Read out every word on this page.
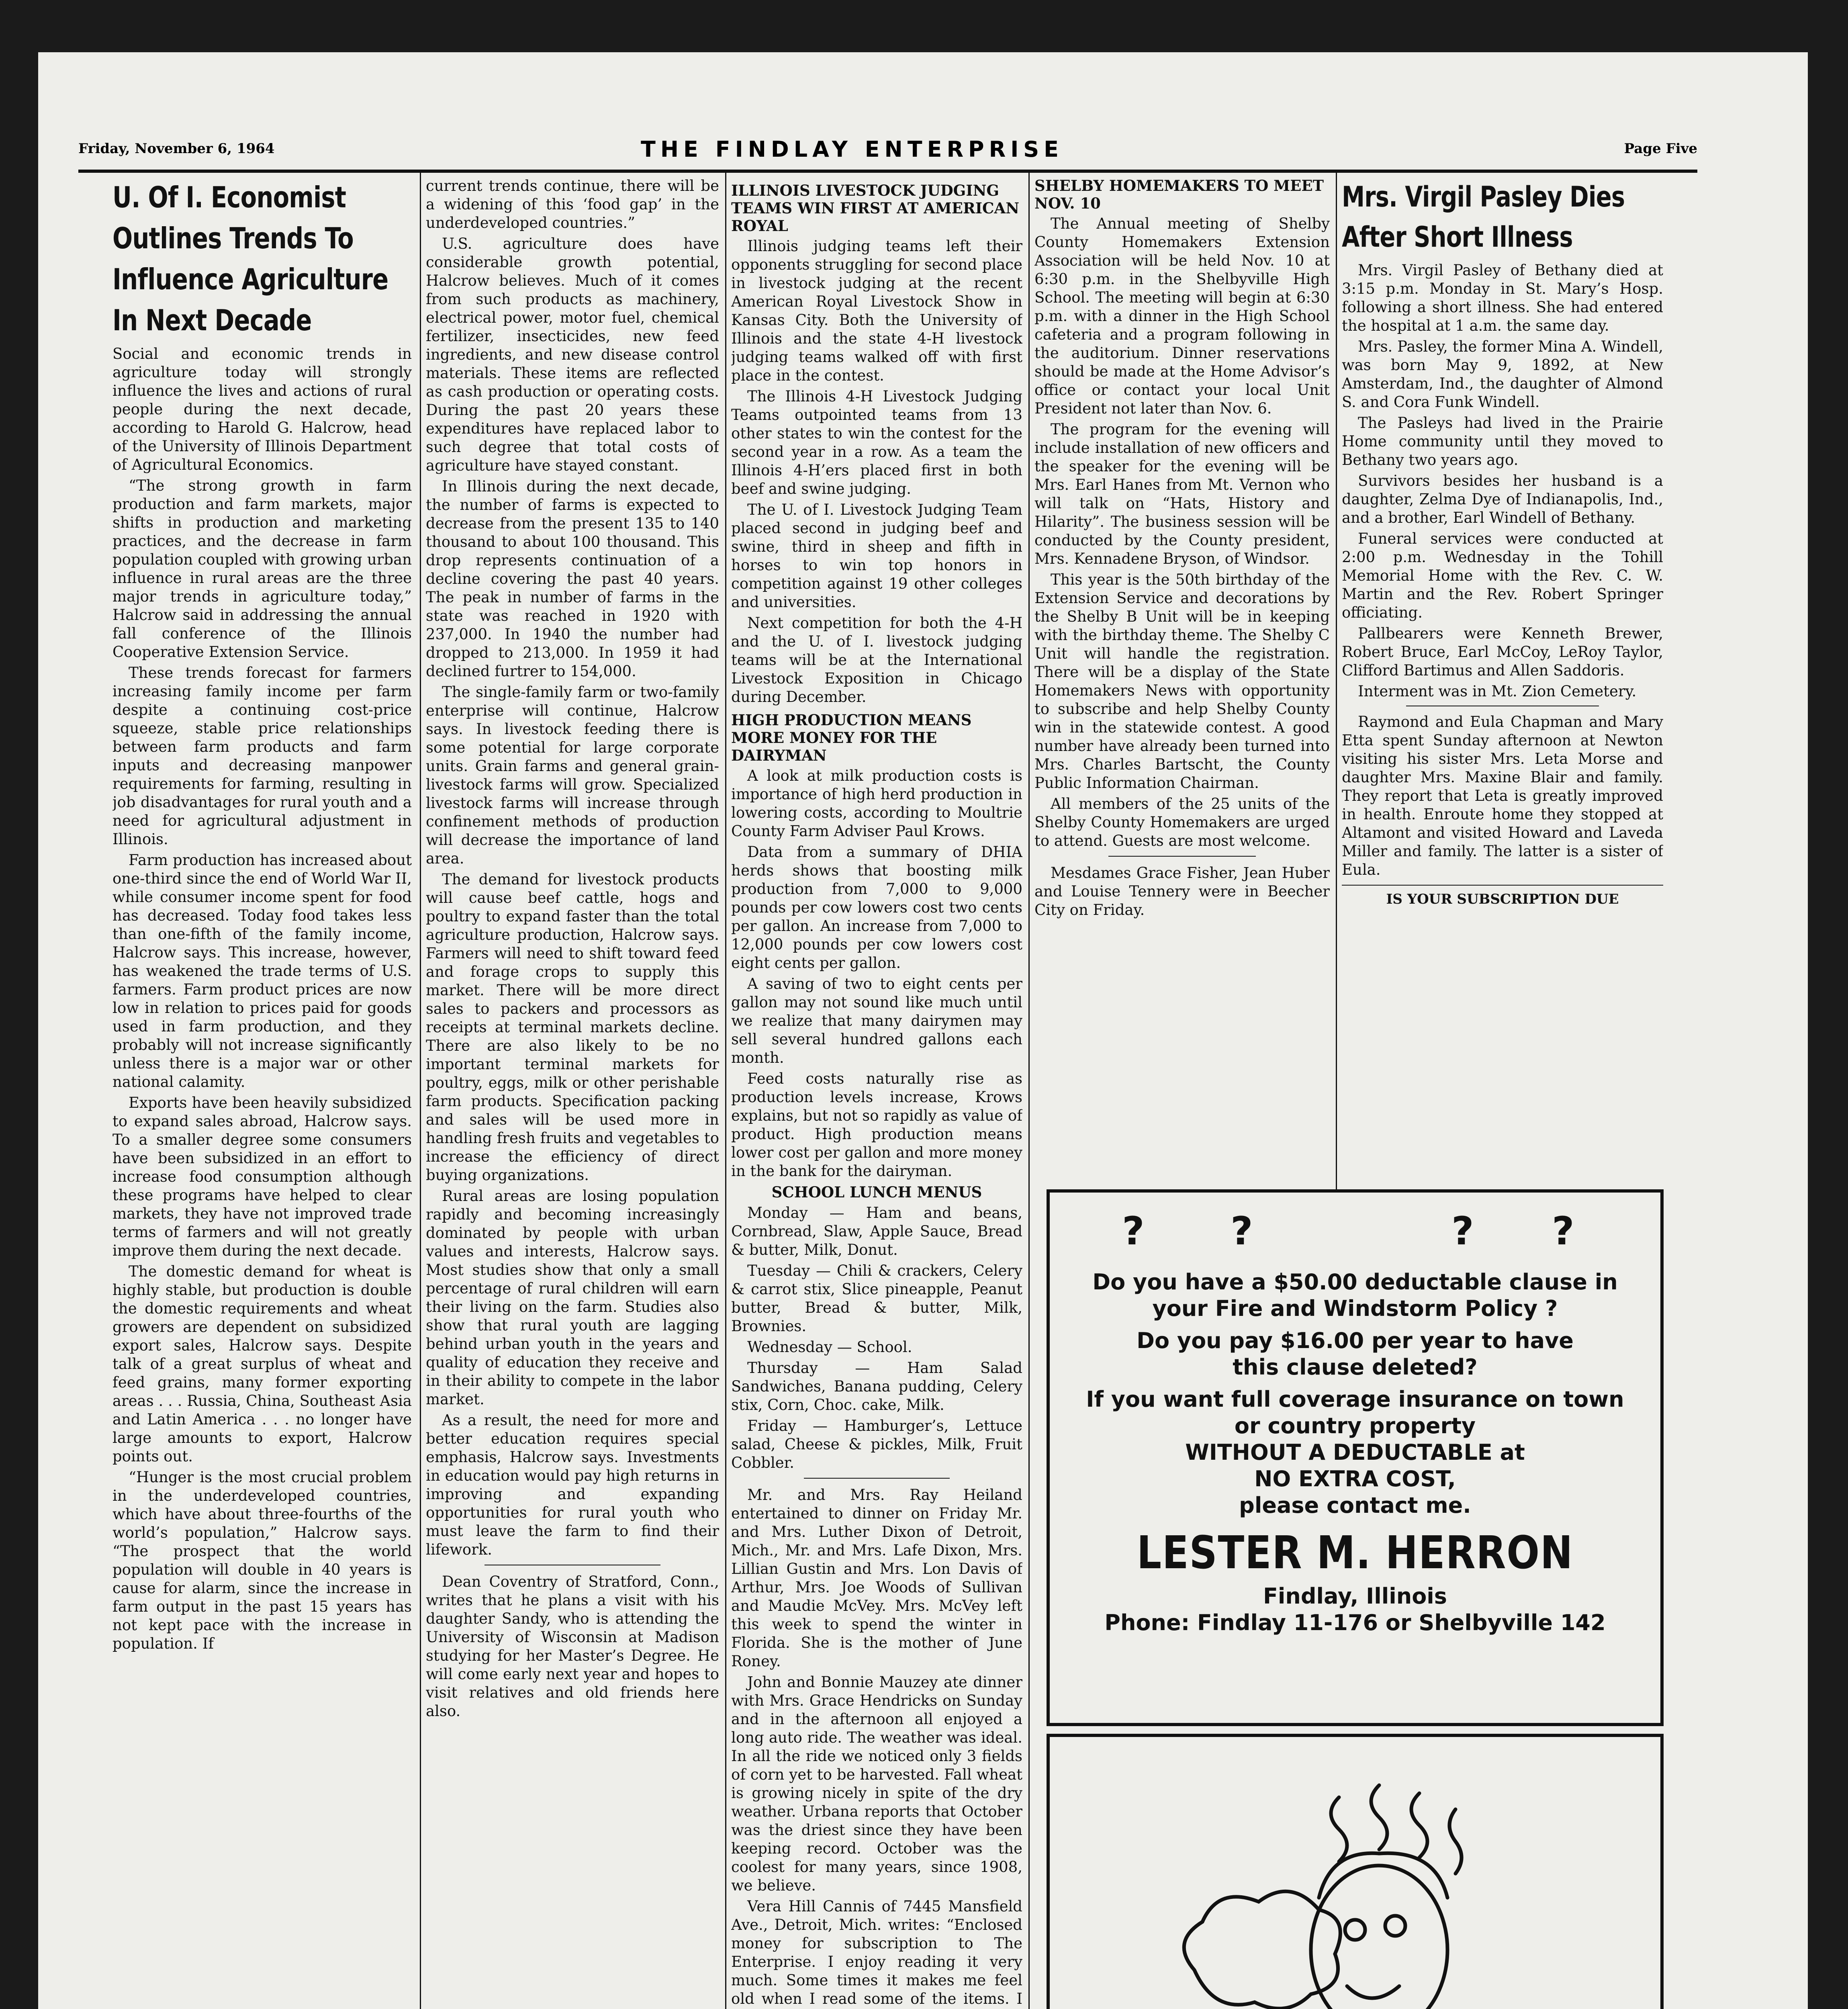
Friday, November 6, 1964	THE FINDLAY ENTERPRISE	Page Five
U. Of I. Economist Outlines Trends To Influence Agriculture In Next Decade

Social and economic trends in agriculture today will strongly influence the lives and actions of rural people during the next decade, according to Harold G. Halcrow, head of the University of Illinois Department of Agricultural Economics.

“The strong growth in farm production and farm markets, major shifts in production and marketing practices, and the decrease in farm population coupled with growing urban influence in rural areas are the three major trends in agriculture today,” Halcrow said in addressing the annual fall conference of the Illinois Cooperative Extension Service.

These trends forecast for farmers increasing family income per farm despite a continuing cost-price squeeze, stable price relationships between farm products and farm inputs and decreasing manpower requirements for farming, resulting in job disadvantages for rural youth and a need for agricultural adjustment in Illinois.

Farm production has increased about one-third since the end of World War II, while consumer income spent for food has decreased. Today food takes less than one-fifth of the family income, Halcrow says. This increase, however, has weakened the trade terms of U.S. farmers. Farm product prices are now low in relation to prices paid for goods used in farm production, and they probably will not increase significantly unless there is a major war or other national calamity.

Exports have been heavily subsidized to expand sales abroad, Halcrow says. To a smaller degree some consumers have been subsidized in an effort to increase food consumption although these programs have helped to clear markets, they have not improved trade terms of farmers and will not greatly improve them during the next decade.

The domestic demand for wheat is highly stable, but production is double the domestic requirements and wheat growers are dependent on subsidized export sales, Halcrow says. Despite talk of a great surplus of wheat and feed grains, many former exporting areas . . . Russia, China, Southeast Asia and Latin America . . . no longer have large amounts to export, Halcrow points out.

“Hunger is the most crucial problem in the underdeveloped countries, which have about three-fourths of the world’s population,” Halcrow says. “The prospect that the world population will double in 40 years is cause for alarm, since the increase in farm output in the past 15 years has not kept pace with the increase in population. If

current trends continue, there will be a widening of this ‘food gap’ in the underdeveloped countries.”

U.S. agriculture does have considerable growth potential, Halcrow believes. Much of it comes from such products as machinery, electrical power, motor fuel, chemical fertilizer, insecticides, new feed ingredients, and new disease control materials. These items are reflected as cash production or operating costs. During the past 20 years these expenditures have replaced labor to such degree that total costs of agriculture have stayed constant.

In Illinois during the next decade, the number of farms is expected to decrease from the present 135 to 140 thousand to about 100 thousand. This drop represents continuation of a decline covering the past 40 years. The peak in number of farms in the state was reached in 1920 with 237,000. In 1940 the number had dropped to 213,000. In 1959 it had declined furtrer to 154,000.

The single-family farm or two-family enterprise will continue, Halcrow says. In livestock feeding there is some potential for large corporate units. Grain farms and general grain-livestock farms will grow. Specialized livestock farms will increase through confinement methods of production will decrease the importance of land area.

The demand for livestock products will cause beef cattle, hogs and poultry to expand faster than the total agriculture production, Halcrow says. Farmers will need to shift toward feed and forage crops to supply this market. There will be more direct sales to packers and processors as receipts at terminal markets decline. There are also likely to be no important terminal markets for poultry, eggs, milk or other perishable farm products. Specification packing and sales will be used more in handling fresh fruits and vegetables to increase the efficiency of direct buying organizations.

Rural areas are losing population rapidly and becoming increasingly dominated by people with urban values and interests, Halcrow says. Most studies show that only a small percentage of rural children will earn their living on the farm. Studies also show that rural youth are lagging behind urban youth in the years and quality of education they receive and in their ability to compete in the labor market.

As a result, the need for more and better education requires special emphasis, Halcrow says. Investments in education would pay high returns in improving and expanding opportunities for rural youth who must leave the farm to find their lifework.

Dean Coventry of Stratford, Conn., writes that he plans a visit with his daughter Sandy, who is attending the University of Wisconsin at Madison studying for her Master’s Degree. He will come early next year and hopes to visit relatives and old friends here also.

ILLINOIS LIVESTOCK JUDGING TEAMS WIN FIRST AT AMERICAN ROYAL

Illinois judging teams left their opponents struggling for second place in livestock judging at the recent American Royal Livestock Show in Kansas City. Both the University of Illinois and the state 4-H livestock judging teams walked off with first place in the contest.

The Illinois 4-H Livestock Judging Teams outpointed teams from 13 other states to win the contest for the second year in a row. As a team the Illinois 4-H’ers placed first in both beef and swine judging.

The U. of I. Livestock Judging Team placed second in judging beef and swine, third in sheep and fifth in horses to win top honors in competition against 19 other colleges and universities.

Next competition for both the 4-H and the U. of I. livestock judging teams will be at the International Livestock Exposition in Chicago during December.

HIGH PRODUCTION MEANS MORE MONEY FOR THE DAIRYMAN

A look at milk production costs is importance of high herd production in lowering costs, according to Moultrie County Farm Adviser Paul Krows.

Data from a summary of DHIA herds shows that boosting milk production from 7,000 to 9,000 pounds per cow lowers cost two cents per gallon. An increase from 7,000 to 12,000 pounds per cow lowers cost eight cents per gallon.

A saving of two to eight cents per gallon may not sound like much until we realize that many dairymen may sell several hundred gallons each month.

Feed costs naturally rise as production levels increase, Krows explains, but not so rapidly as value of product. High production means lower cost per gallon and more money in the bank for the dairyman.

SCHOOL LUNCH MENUS

Monday — Ham and beans, Cornbread, Slaw, Apple Sauce, Bread & butter, Milk, Donut.

Tuesday — Chili & crackers, Celery & carrot stix, Slice pineapple, Peanut butter, Bread & butter, Milk, Brownies.

Wednesday — School.

Thursday — Ham Salad Sandwiches, Banana pudding, Celery stix, Corn, Choc. cake, Milk.

Friday — Hamburger’s, Lettuce salad, Cheese & pickles, Milk, Fruit Cobbler.

Mr. and Mrs. Ray Heiland entertained to dinner on Friday Mr. and Mrs. Luther Dixon of Detroit, Mich., Mr. and Mrs. Lafe Dixon, Mrs. Lillian Gustin and Mrs. Lon Davis of Arthur, Mrs. Joe Woods of Sullivan and Maudie McVey. Mrs. McVey left this week to spend the winter in Florida. She is the mother of June Roney.

John and Bonnie Mauzey ate dinner with Mrs. Grace Hendricks on Sunday and in the afternoon all enjoyed a long auto ride. The weather was ideal. In all the ride we noticed only 3 fields of corn yet to be harvested. Fall wheat is growing nicely in spite of the dry weather. Urbana reports that October was the driest since they have been keeping record. October was the coolest for many years, since 1908, we believe.

Vera Hill Cannis of 7445 Mansfield Ave., Detroit, Mich. writes: “Enclosed money for subscription to The Enterprise. I enjoy reading it very much. Some times it makes me feel old when I read some of the items. I

SHELBY HOMEMAKERS TO MEET NOV. 10

The Annual meeting of Shelby County Homemakers Extension Association will be held Nov. 10 at 6:30 p.m. in the Shelbyville High School. The meeting will begin at 6:30 p.m. with a dinner in the High School cafeteria and a program following in the auditorium. Dinner reservations should be made at the Home Advisor’s office or contact your local Unit President not later than Nov. 6.

The program for the evening will include installation of new officers and the speaker for the evening will be Mrs. Earl Hanes from Mt. Vernon who will talk on “Hats, History and Hilarity”. The business session will be conducted by the County president, Mrs. Kennadene Bryson, of Windsor.

This year is the 50th birthday of the Extension Service and decorations by the Shelby B Unit will be in keeping with the birthday theme. The Shelby C Unit will handle the registration. There will be a display of the State Homemakers News with opportunity to subscribe and help Shelby County win in the statewide contest. A good number have already been turned into Mrs. Charles Bartscht, the County Public Information Chairman.

All members of the 25 units of the Shelby County Homemakers are urged to attend. Guests are most welcome.

Mesdames Grace Fisher, Jean Huber and Louise Tennery were in Beecher City on Friday.

Mrs. Virgil Pasley Dies After Short Illness

Mrs. Virgil Pasley of Bethany died at 3:15 p.m. Monday in St. Mary’s Hosp. following a short illness. She had entered the hospital at 1 a.m. the same day.

Mrs. Pasley, the former Mina A. Windell, was born May 9, 1892, at New Amsterdam, Ind., the daughter of Almond S. and Cora Funk Windell.

The Pasleys had lived in the Prairie Home community until they moved to Bethany two years ago.

Survivors besides her husband is a daughter, Zelma Dye of Indianapolis, Ind., and a brother, Earl Windell of Bethany.

Funeral services were conducted at 2:00 p.m. Wednesday in the Tohill Memorial Home with the Rev. C. W. Martin and the Rev. Robert Springer officiating.

Pallbearers were Kenneth Brewer, Robert Bruce, Earl McCoy, LeRoy Taylor, Clifford Bartimus and Allen Saddoris.

Interment was in Mt. Zion Cemetery.

Raymond and Eula Chapman and Mary Etta spent Sunday afternoon at Newton visiting his sister Mrs. Leta Morse and daughter Mrs. Maxine Blair and family. They report that Leta is greatly improved in health. Enroute home they stopped at Altamont and visited Howard and Laveda Miller and family. The latter is a sister of Eula.

IS YOUR SUBSCRIPTION DUE
? ?	? ?
Do you have a $50.00 deductable clause in
your Fire and Windstorm Policy ?
Do you pay $16.00 per year to have
this clause deleted?
If you want full coverage insurance on town
or country property
WITHOUT A DEDUCTABLE at
NO EXTRA COST,
please contact me.
LESTER M. HERRON
Findlay, Illinois
Phone: Findlay 11-176 or Shelbyville 142
